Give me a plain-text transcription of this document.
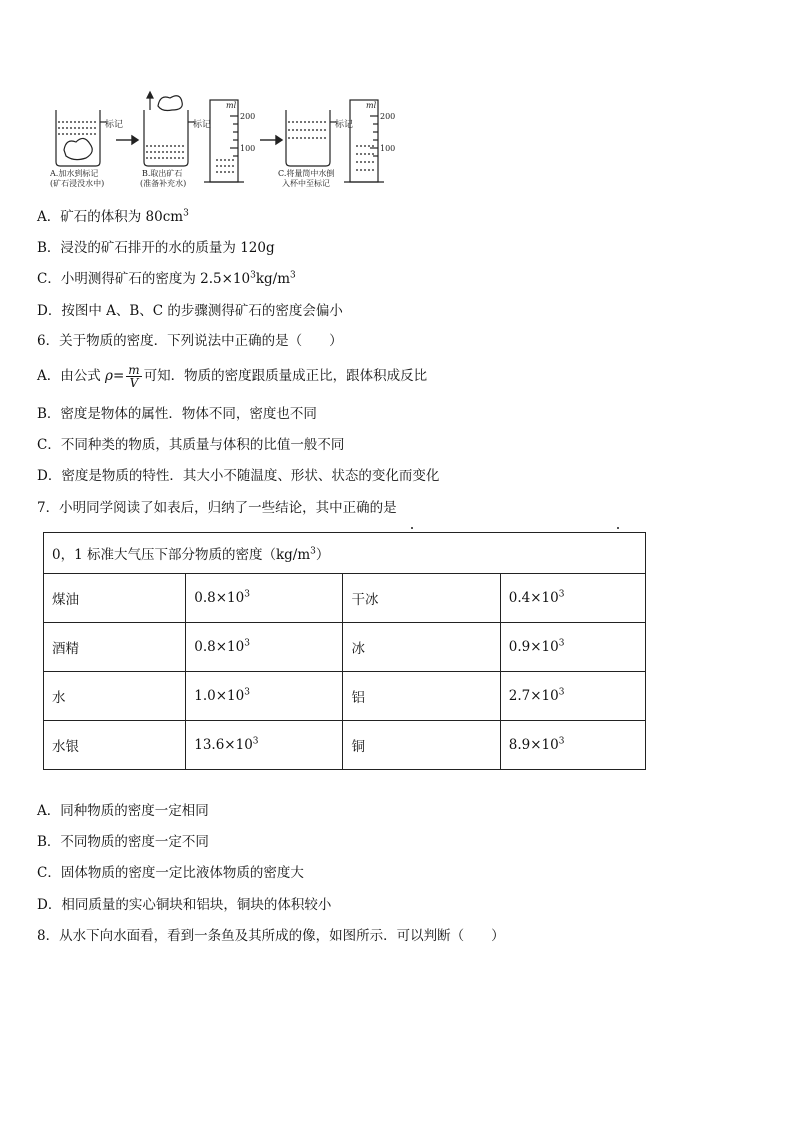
标记
A.加水到标记
(矿石浸没水中)
标记
B.取出矿石
(准备补充水)
ml
200
100
标记
C.将量筒中水倒
入杯中至标记
ml
200
100
A．矿石的体积为 $80cm^3$
B．浸没的矿石排开的水的质量为 120g
C．小明测得矿石的密度为 $2.5\times 10^3kg/m^3$
D．按图中 A、B、C 的步骤测得矿石的密度会偏小
6．关于物质的密度．下列说法中正确的是（　　）
A．由公式 $\rho= \frac{m}{V}$ 可知．物质的密度跟质量成正比，跟体积成反比
B．密度是物体的属性．物体不同，密度也不同
C．不同种类的物质，其质量与体积的比值一般不同
D．密度是物质的特性．其大小不随温度、形状、状态的变化而变化
7．小明同学阅读了如表后，归纳了一些结论，其中正确的是
0，1 标准大气压下部分物质的密度$(kg/m^3)$			
煤油	$0.8\times 10^3$	干冰	$0.4\times 10^3$
酒精	$0.8\times 10^3$	冰	$0.9\times 10^3$
水	$1.0\times 10^3$	铝	$2.7\times 10^3$
水银	$13.6\times 10^3$	铜	$8.9\times 10^3$
A．同种物质的密度一定相同
B．不同物质的密度一定不同
C．固体物质的密度一定比液体物质的密度大
D．相同质量的实心铜块和铝块，铜块的体积较小
8．从水下向水面看，看到一条鱼及其所成的像，如图所示．可以判断（　　）
